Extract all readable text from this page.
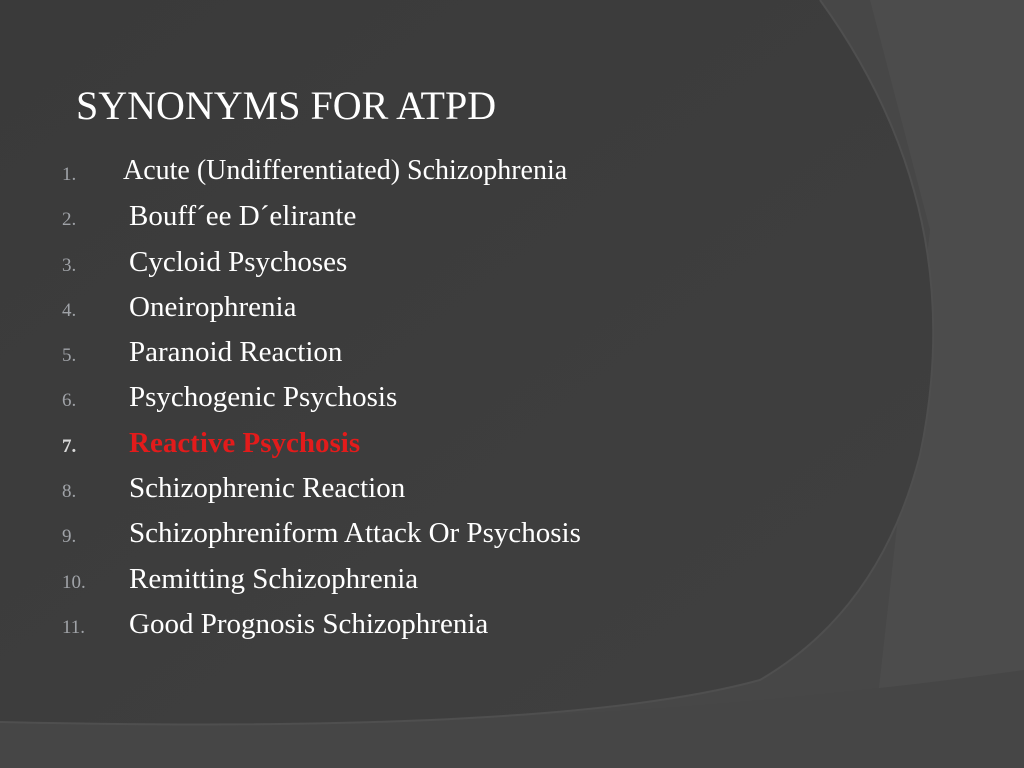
SYNONYMS FOR ATPD
1. Acute (Undifferentiated) Schizophrenia
2. Bouff´ee D´elirante
3. Cycloid Psychoses
4. Oneirophrenia
5. Paranoid Reaction
6. Psychogenic Psychosis
7. Reactive Psychosis
8. Schizophrenic Reaction
9. Schizophreniform Attack Or Psychosis
10. Remitting Schizophrenia
11. Good Prognosis Schizophrenia
